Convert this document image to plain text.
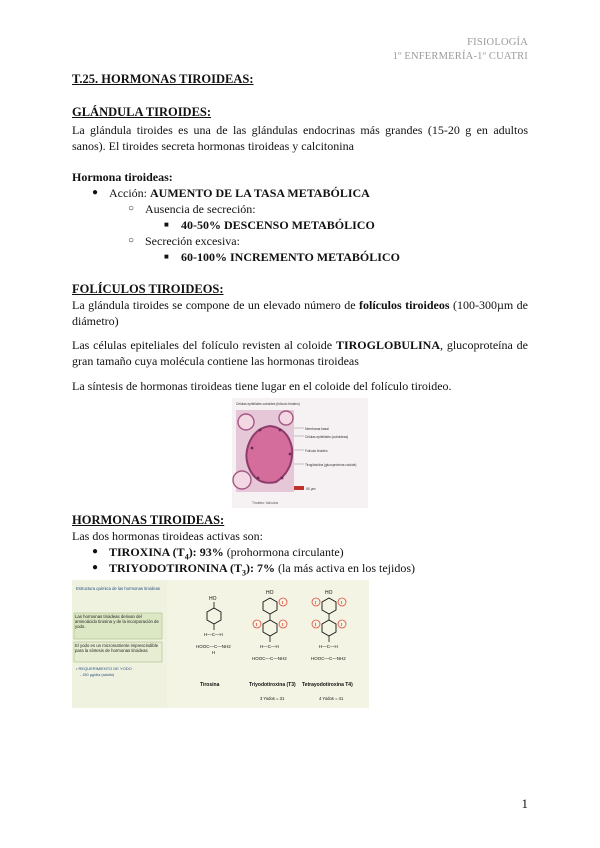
FISIOLOGÍA
1º ENFERMERÍA-1º CUATRI
T.25. HORMONAS TIROIDEAS:
GLÁNDULA TIROIDES:
La glándula tiroides es una de las glándulas endocrinas más grandes (15-20 g en adultos sanos). El tiroides secreta hormonas tiroideas y calcitonina
Hormona tiroideas:
● Acción: AUMENTO DE LA TASA METABÓLICA
○ Ausencia de secreción:
■ 40-50% DESCENSO METABÓLICO
○ Secreción excesiva:
■ 60-100% INCREMENTO METABÓLICO
FOLÍCULOS TIROIDEOS:
La glándula tiroides se compone de un elevado número de folículos tiroideos (100-300µm de diámetro)
Las células epiteliales del folículo revisten al coloide TIROGLOBULINA, glucoproteína de gran tamaño cuya molécula contiene las hormonas tiroideas
La síntesis de hormonas tiroideas tiene lugar en el coloide del folículo tiroideo.
Células epiteliales cuboides (folículo tiroideo)
Membrana basal
Células epiteliales (cuboideas)
Folículo tiroideo
Tiroglobulina (glucoproteína coloide)
50 µm
Tiroides: folículos
HORMONAS TIROIDEAS:
Las dos hormonas tiroideas activas son:
● TIROXINA $(T_4)$: 93% (prohormona circulante)
● TRIYODOTIRONINA $(T_3)$: 7% (la más activa en los tejidos)
Estructura química de las hormonas tiroideas
Las hormonas tiroideas derivan del aminoácido tirosina y de la incorporación de yodo.
El yodo es un micronutriente imprescindible para la síntesis de hormonas tiroideas
• REQUERIMIENTO DE YODO
- 150 µg/día (adulto)
HO
H—C—H
HOOC—C—NH2
H
Tirosina
HO
I
I	I
H—C—H
HOOC—C—NH2
Triyodotiroxina (T3)
3 Yodos = 31
HO
I	I
I	I
H—C—H
HOOC—C—NH2
Tetrayodotiroxina T4)
4 Yodos = 41
1
